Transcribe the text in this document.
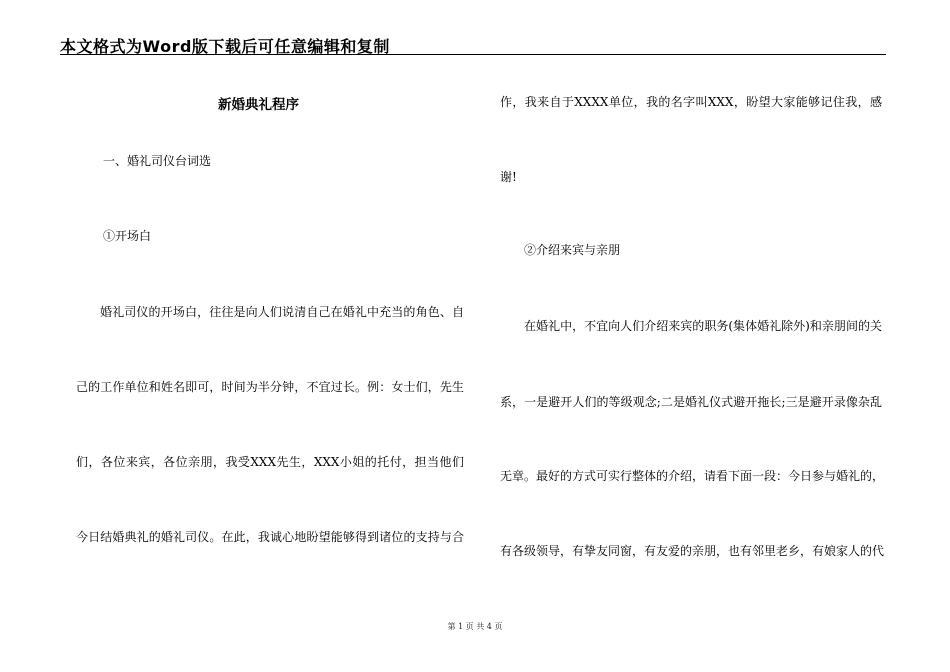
本文格式为Word版下载后可任意编辑和复制
新婚典礼程序
一、婚礼司仪台词选
①开场白
婚礼司仪的开场白，往往是向人们说清自己在婚礼中充当的角色、自
己的工作单位和姓名即可，时间为半分钟，不宜过长。例：女士们，先生
们，各位来宾，各位亲朋，我受XXX先生，XXX小姐的托付，担当他们
今日结婚典礼的婚礼司仪。在此，我诚心地盼望能够得到诸位的支持与合
作，我来自于XXXX单位，我的名字叫XXX，盼望大家能够记住我，感
谢!
②介绍来宾与亲朋
在婚礼中，不宜向人们介绍来宾的职务(集体婚礼除外)和亲朋间的关
系，一是避开人们的等级观念;二是婚礼仪式避开拖长;三是避开录像杂乱
无章。最好的方式可实行整体的介绍，请看下面一段：今日参与婚礼的，
有各级领导，有挚友同窗，有友爱的亲朋，也有邻里老乡，有娘家人的代
第 1 页 共 4 页
